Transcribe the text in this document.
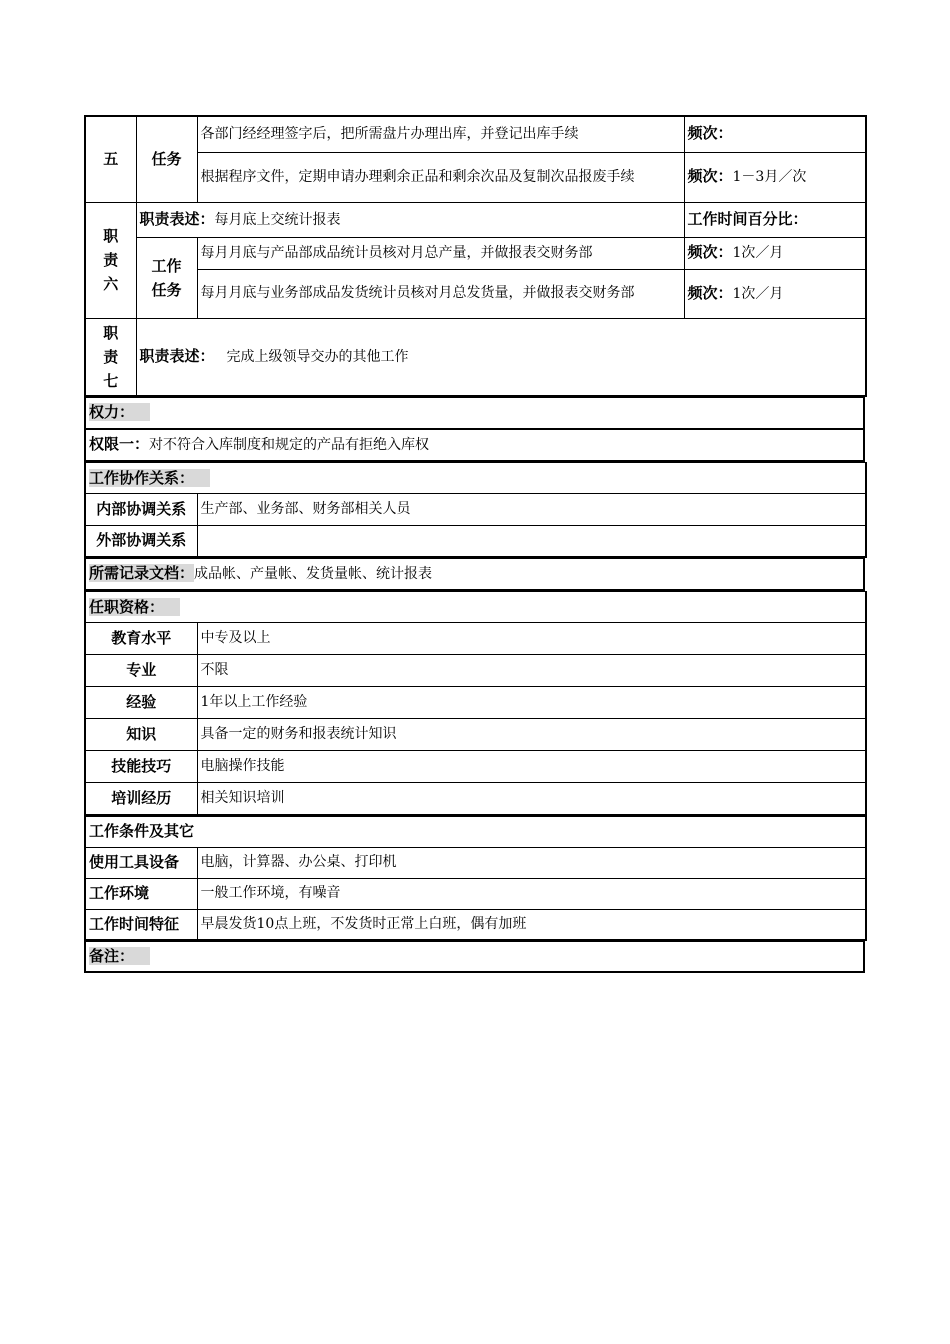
五	任务	各部门经经理签字后，把所需盘片办理出库，并登记出库手续	频次：
		根据程序文件，定期申请办理剩余正品和剩余次品及复制次品报废手续	频次：1－3月／次

职责六	职责表述：每月底上交统计报表		工作时间百分比：

	工作任务	每月月底与产品部成品统计员核对月总产量，并做报表交财务部	频次：1次／月
		每月月底与业务部成品发货统计员核对月总发货量，并做报表交财务部	频次：1次／月

职责七	职责表述： 完成上级领导交办的其他工作		
权力：
权限一：对不符合入库制度和规定的产品有拒绝入库权
工作协作关系：	
内部协调关系	生产部、业务部、财务部相关人员
外部协调关系	
所需记录文档：成品帐、产量帐、发货量帐、统计报表
任职资格：	
教育水平	中专及以上
专业	不限
经验	1年以上工作经验
知识	具备一定的财务和报表统计知识
技能技巧	电脑操作技能
培训经历	相关知识培训
工作条件及其它	
使用工具设备	电脑，计算器、办公桌、打印机
工作环境	一般工作环境，有噪音
工作时间特征	早晨发货10点上班，不发货时正常上白班，偶有加班
备注：
